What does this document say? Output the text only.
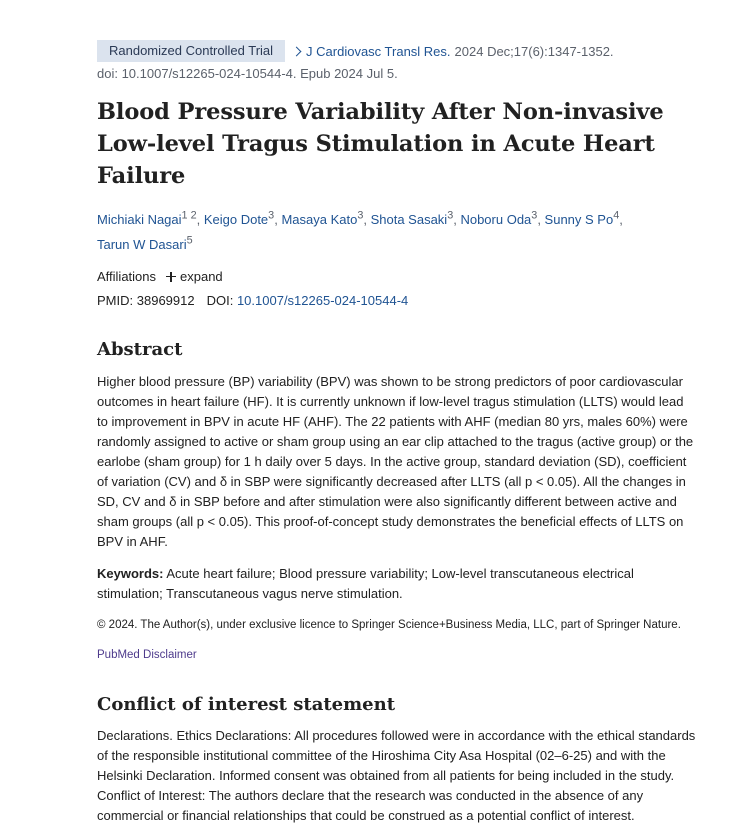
Randomized Controlled Trial	J Cardiovasc Transl Res. 2024 Dec;17(6):1347-1352.
doi: 10.1007/s12265-024-10544-4. Epub 2024 Jul 5.
Blood Pressure Variability After Non-invasive Low-level Tragus Stimulation in Acute Heart Failure
Michiaki Nagai$^{1 2}$, Keigo Dote$^3$, Masaya Kato$^3$, Shota Sasaki$^3$, Noboru Oda$^3$, Sunny S Po$^4$,
Tarun W Dasari$^5$
Affiliations expand
PMID: 38969912 DOI: 10.1007/s12265-024-10544-4
Abstract
Higher blood pressure (BP) variability (BPV) was shown to be strong predictors of poor cardiovascular outcomes in heart failure (HF). It is currently unknown if low-level tragus stimulation (LLTS) would lead to improvement in BPV in acute HF (AHF). The 22 patients with AHF (median 80 yrs, males 60%) were randomly assigned to active or sham group using an ear clip attached to the tragus (active group) or the earlobe (sham group) for 1 h daily over 5 days. In the active group, standard deviation (SD), coefficient of variation (CV) and δ in SBP were significantly decreased after LLTS (all p < 0.05). All the changes in SD, CV and δ in SBP before and after stimulation were also significantly different between active and sham groups (all p < 0.05). This proof-of-concept study demonstrates the beneficial effects of LLTS on BPV in AHF.
Keywords: Acute heart failure; Blood pressure variability; Low-level transcutaneous electrical stimulation; Transcutaneous vagus nerve stimulation.
© 2024. The Author(s), under exclusive licence to Springer Science+Business Media, LLC, part of Springer Nature.
PubMed Disclaimer
Conflict of interest statement
Declarations. Ethics Declarations: All procedures followed were in accordance with the ethical standards of the responsible institutional committee of the Hiroshima City Asa Hospital (02–6-25) and with the Helsinki Declaration. Informed consent was obtained from all patients for being included in the study. Conflict of Interest: The authors declare that the research was conducted in the absence of any commercial or financial relationships that could be construed as a potential conflict of interest.
